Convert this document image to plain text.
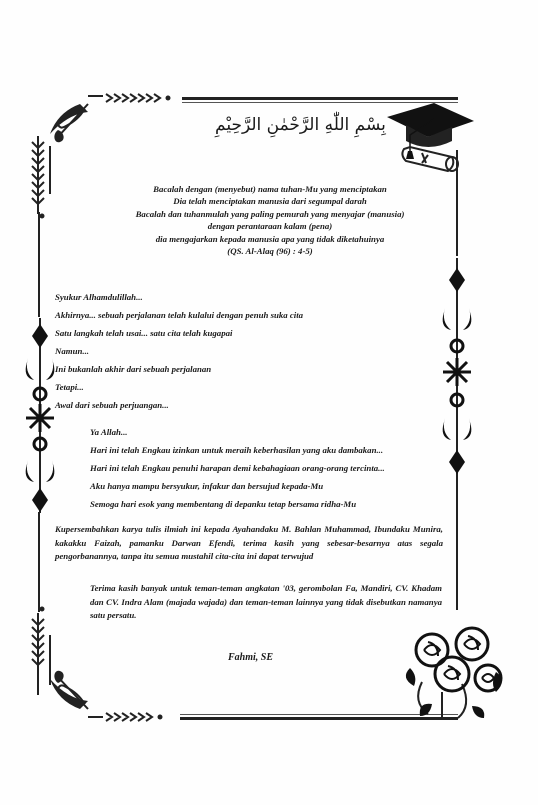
بِسْمِ اللّٰهِ الرَّحْمٰنِ الرَّحِيْمِ
Bacalah dengan (menyebut) nama tuhan-Mu yang menciptakan
Dia telah menciptakan manusia dari segumpal darah
Bacalah dan tuhanmulah yang paling pemurah yang menyajar (manusia)
dengan perantaraan kalam (pena)
dia mengajarkan kepada manusia apa yang tidak diketahuinya
(QS. Al-Alaq (96) : 4-5)
Syukur Alhamdulillah...
Akhirnya... sebuah perjalanan telah kulalui dengan penuh suka cita
Satu langkah telah usai... satu cita telah kugapai
Namun...
Ini bukanlah akhir dari sebuah perjalanan
Tetapi...
Awal dari sebuah perjuangan...
Ya Allah...
Hari ini telah Engkau izinkan untuk meraih keberhasilan yang aku dambakan...
Hari ini telah Engkau penuhi harapan demi kebahagiaan orang-orang tercinta...
Aku hanya mampu bersyukur, infakur dan bersujud kepada-Mu
Semoga hari esok yang membentang di depanku tetap bersama ridha-Mu
Kupersembahkan karya tulis ilmiah ini kepada Ayahandaku M. Bahlan Muhammad, Ibundaku Munira, kakakku Faizah, pamanku Darwan Efendi, terima kasih yang sebesar-besarnya atas segala pengorbanannya, tanpa itu semua mustahil cita-cita ini dapat terwujud
Terima kasih banyak untuk teman-teman angkatan '03, gerombolan Fa, Mandiri, CV. Khadam dan CV. Indra Alam (majada wajada) dan teman-teman lainnya yang tidak disebutkan namanya satu persatu.
Fahmi, SE
